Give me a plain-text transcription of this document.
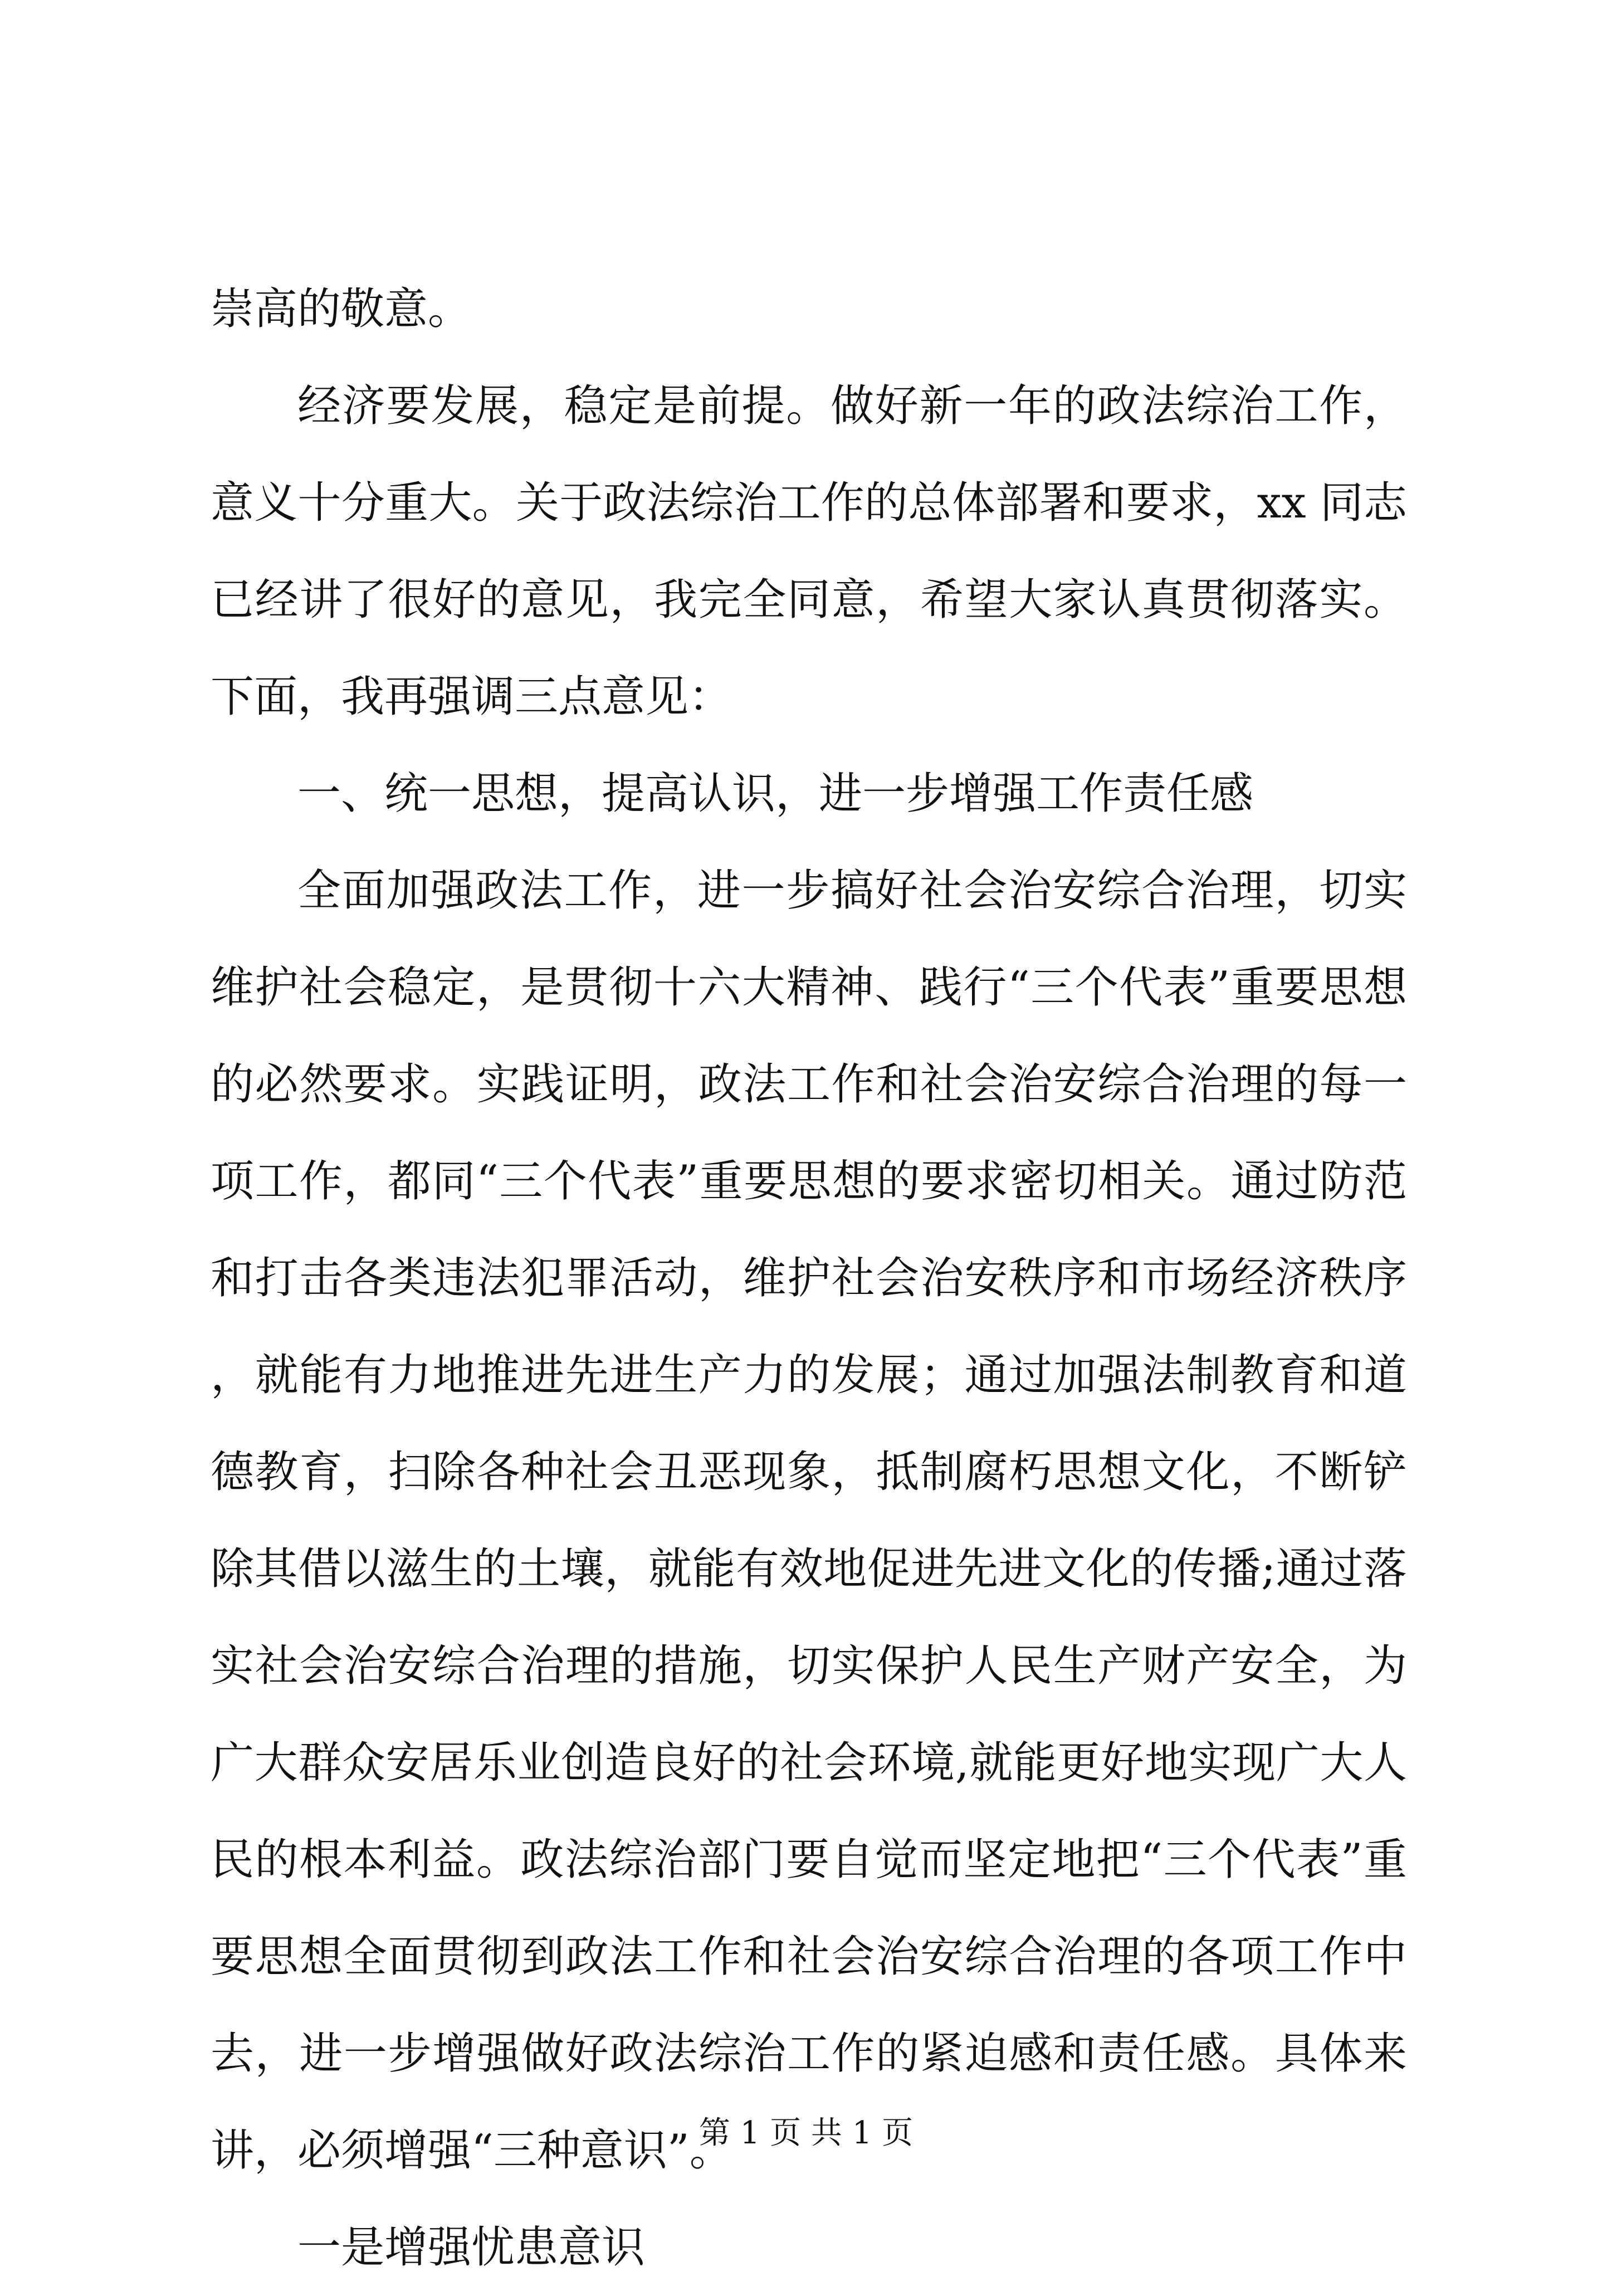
崇高的敬意。

经济要发展，稳定是前提。做好新一年的政法综治工作，意义十分重大。关于政法综治工作的总体部署和要求，xx 同志已经讲了很好的意见，我完全同意，希望大家认真贯彻落实。下面，我再强调三点意见：

一、统一思想，提高认识，进一步增强工作责任感

全面加强政法工作，进一步搞好社会治安综合治理，切实维护社会稳定，是贯彻十六大精神、践行“三个代表”重要思想的必然要求。实践证明，政法工作和社会治安综合治理的每一项工作，都同“三个代表”重要思想的要求密切相关。通过防范和打击各类违法犯罪活动，维护社会治安秩序和市场经济秩序，就能有力地推进先进生产力的发展；通过加强法制教育和道德教育，扫除各种社会丑恶现象，抵制腐朽思想文化，不断铲除其借以滋生的土壤，就能有效地促进先进文化的传播;通过落实社会治安综合治理的措施，切实保护人民生产财产安全，为广大群众安居乐业创造良好的社会环境,就能更好地实现广大人民的根本利益。政法综治部门要自觉而坚定地把“三个代表”重要思想全面贯彻到政法工作和社会治安综合治理的各项工作中去，进一步增强做好政法综治工作的紧迫感和责任感。具体来讲，必须增强“三种意识”。

一是增强忧患意识

第 1 页 共 1 页
